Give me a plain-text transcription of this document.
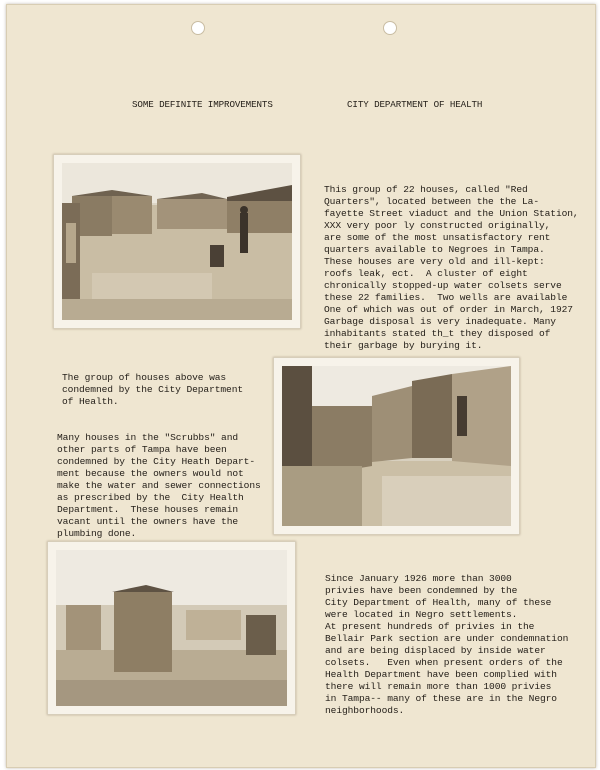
SOME DEFINITE IMPROVEMENTS	CITY DEPARTMENT OF HEALTH
This group of 22 houses, called "Red
Quarters", located between the the La-
fayette Street viaduct and the Union Station,
XXX very poor ly constructed originally,
are some of the most unsatisfactory rent
quarters available to Negroes in Tampa.
These houses are very old and ill-kept:
roofs leak, ect.  A cluster of eight
chronically stopped-up water colsets serve
these 22 families.  Two wells are available
One of which was out of order in March, 1927
Garbage disposal is very inadequate. Many
inhabitants stated th_t they disposed of
their garbage by burying it.
The group of houses above was
condemned by the City Department
of Health.
Many houses in the "Scrubbs" and
other parts of Tampa have been
condemned by the City Heath Depart-
ment because the owners would not
make the water and sewer connections
as prescribed by the  City Health
Department.  These houses remain
vacant until the owners have the
plumbing done.
Since January 1926 more than 3000
privies have been condemned by the
City Department of Health, many of these
were located in Negro settlements.
At present hundreds of privies in the
Bellair Park section are under condemnation
and are being displaced by inside water
colsets.   Even when present orders of the
Health Department have been complied with
there will remain more than 1000 privies
in Tampa-- many of these are in the Negro
neighborhoods.
